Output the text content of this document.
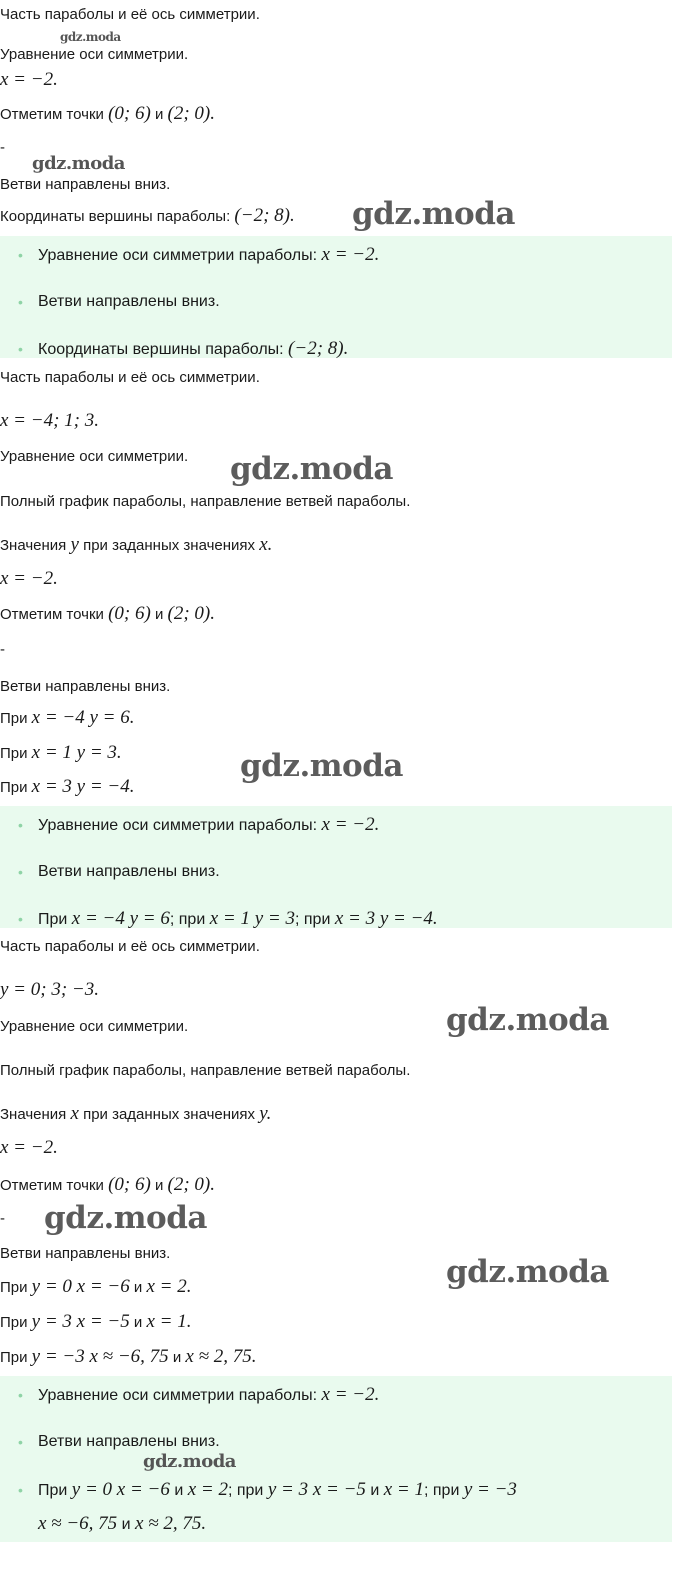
Часть параболы и её ось симметрии.
Уравнение оси симметрии.
x = −2.
Отметим точки (0; 6) и (2; 0).
-
Ветви направлены вниз.
Координаты вершины параболы: (−2; 8).
• Уравнение оси симметрии параболы: x = −2.
• Ветви направлены вниз.
• Координаты вершины параболы: (−2; 8).
Часть параболы и её ось симметрии.
x = −4; 1; 3.
Уравнение оси симметрии.
Полный график параболы, направление ветвей параболы.
Значения y при заданных значениях x.
x = −2.
Отметим точки (0; 6) и (2; 0).
-
Ветви направлены вниз.
При x = −4 y = 6.
При x = 1 y = 3.
При x = 3 y = −4.
• Уравнение оси симметрии параболы: x = −2.
• Ветви направлены вниз.
• При x = −4 y = 6; при x = 1 y = 3; при x = 3 y = −4.
Часть параболы и её ось симметрии.
y = 0; 3; −3.
Уравнение оси симметрии.
Полный график параболы, направление ветвей параболы.
Значения x при заданных значениях y.
x = −2.
Отметим точки (0; 6) и (2; 0).
-
Ветви направлены вниз.
При y = 0 x = −6 и x = 2.
При y = 3 x = −5 и x = 1.
При y = −3 x ≈ −6, 75 и x ≈ 2, 75.
• Уравнение оси симметрии параболы: x = −2.
• Ветви направлены вниз.
• При y = 0 x = −6 и x = 2; при y = 3 x = −5 и x = 1; при y = −3
x ≈ −6, 75 и x ≈ 2, 75.
gdz.moda
gdz.moda
gdz.moda
gdz.moda
gdz.moda
gdz.moda
gdz.moda
gdz.moda
gdz.moda
